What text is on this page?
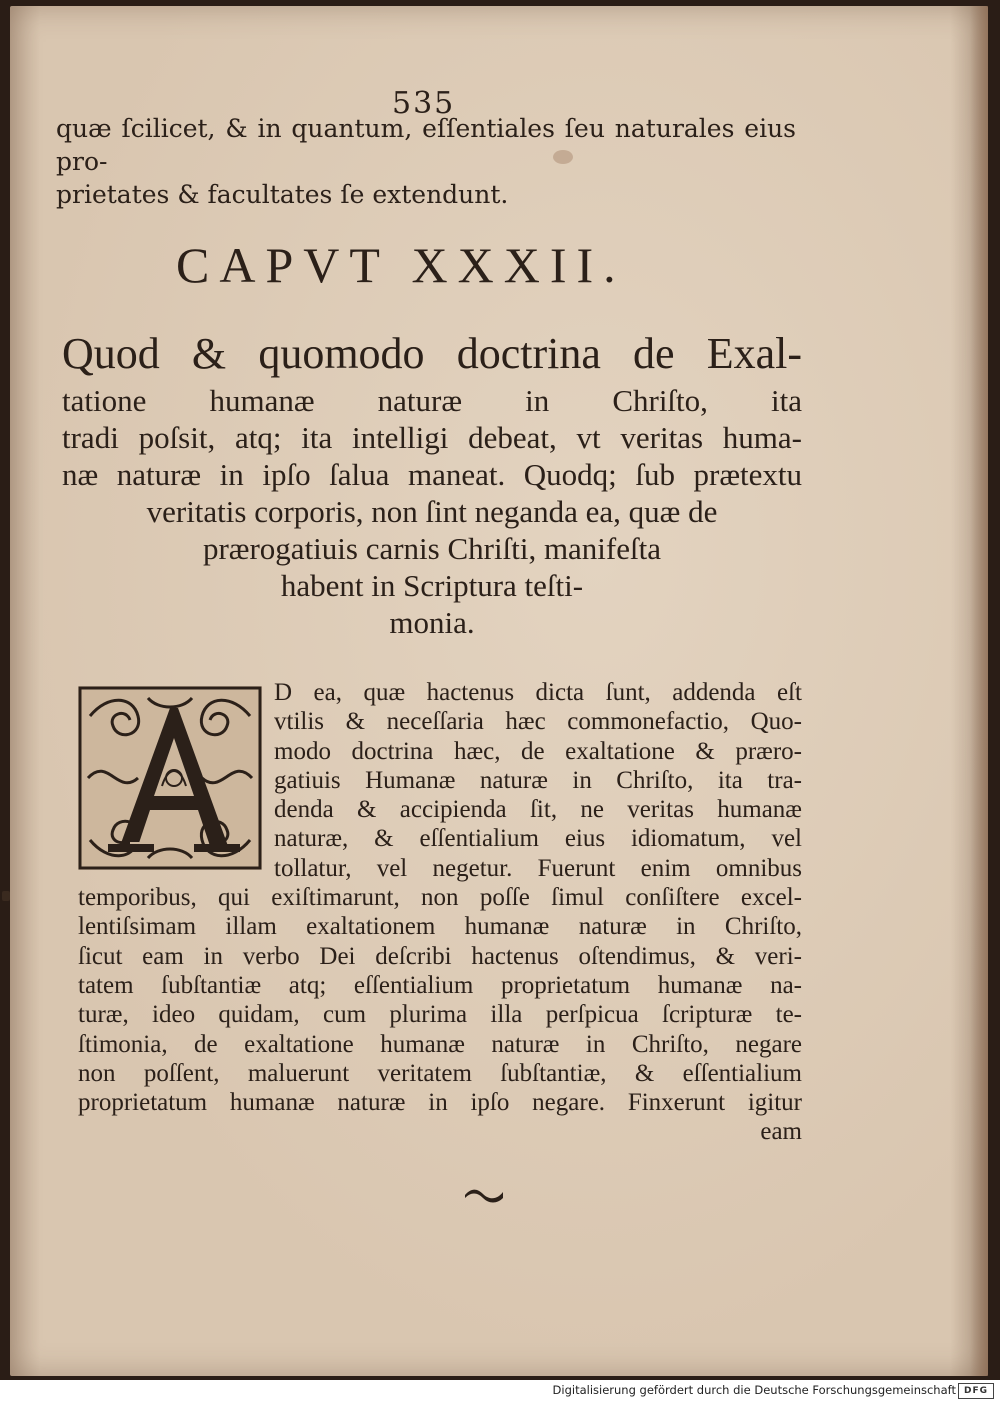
535
quæ ſcilicet, & in quantum, eſſentiales ſeu naturales eius pro-
prietates & facultates ſe extendunt.
CAPVT XXXII.
Quod & quomodo doctrina de Exal-
tatione humanæ naturæ in Chriſto, ita
tradi poſsit, atq; ita intelligi debeat, vt veritas huma-
næ naturæ in ipſo ſalua maneat. Quodq; ſub prætextu
veritatis corporis, non ſint neganda ea, quæ de
prærogatiuis carnis Chriſti, manifeſta
habent in Scriptura teſti-
monia.
D ea, quæ hactenus dicta ſunt, addenda eſt
vtilis & neceſſaria hæc commonefactio, Quo-
modo doctrina hæc, de exaltatione & præro-
gatiuis Humanæ naturæ in Chriſto, ita tra-
denda & accipienda ſit, ne veritas humanæ
naturæ, & eſſentialium eius idiomatum, vel
tollatur, vel negetur. Fuerunt enim omnibus
temporibus, qui exiſtimarunt, non poſſe ſimul conſiſtere excel-
lentiſsimam illam exaltationem humanæ naturæ in Chriſto,
ſicut eam in verbo Dei deſcribi hactenus oſtendimus, & veri-
tatem ſubſtantiæ atq; eſſentialium proprietatum humanæ na-
turæ, ideo quidam, cum plurima illa perſpicua ſcripturæ te-
ſtimonia, de exaltatione humanæ naturæ in Chriſto, negare
non poſſent, maluerunt veritatem ſubſtantiæ, & eſſentialium
proprietatum humanæ naturæ in ipſo negare. Finxerunt igitur
eam
Digitalisierung gefördert durch die Deutsche Forschungsgemeinschaft DFG
